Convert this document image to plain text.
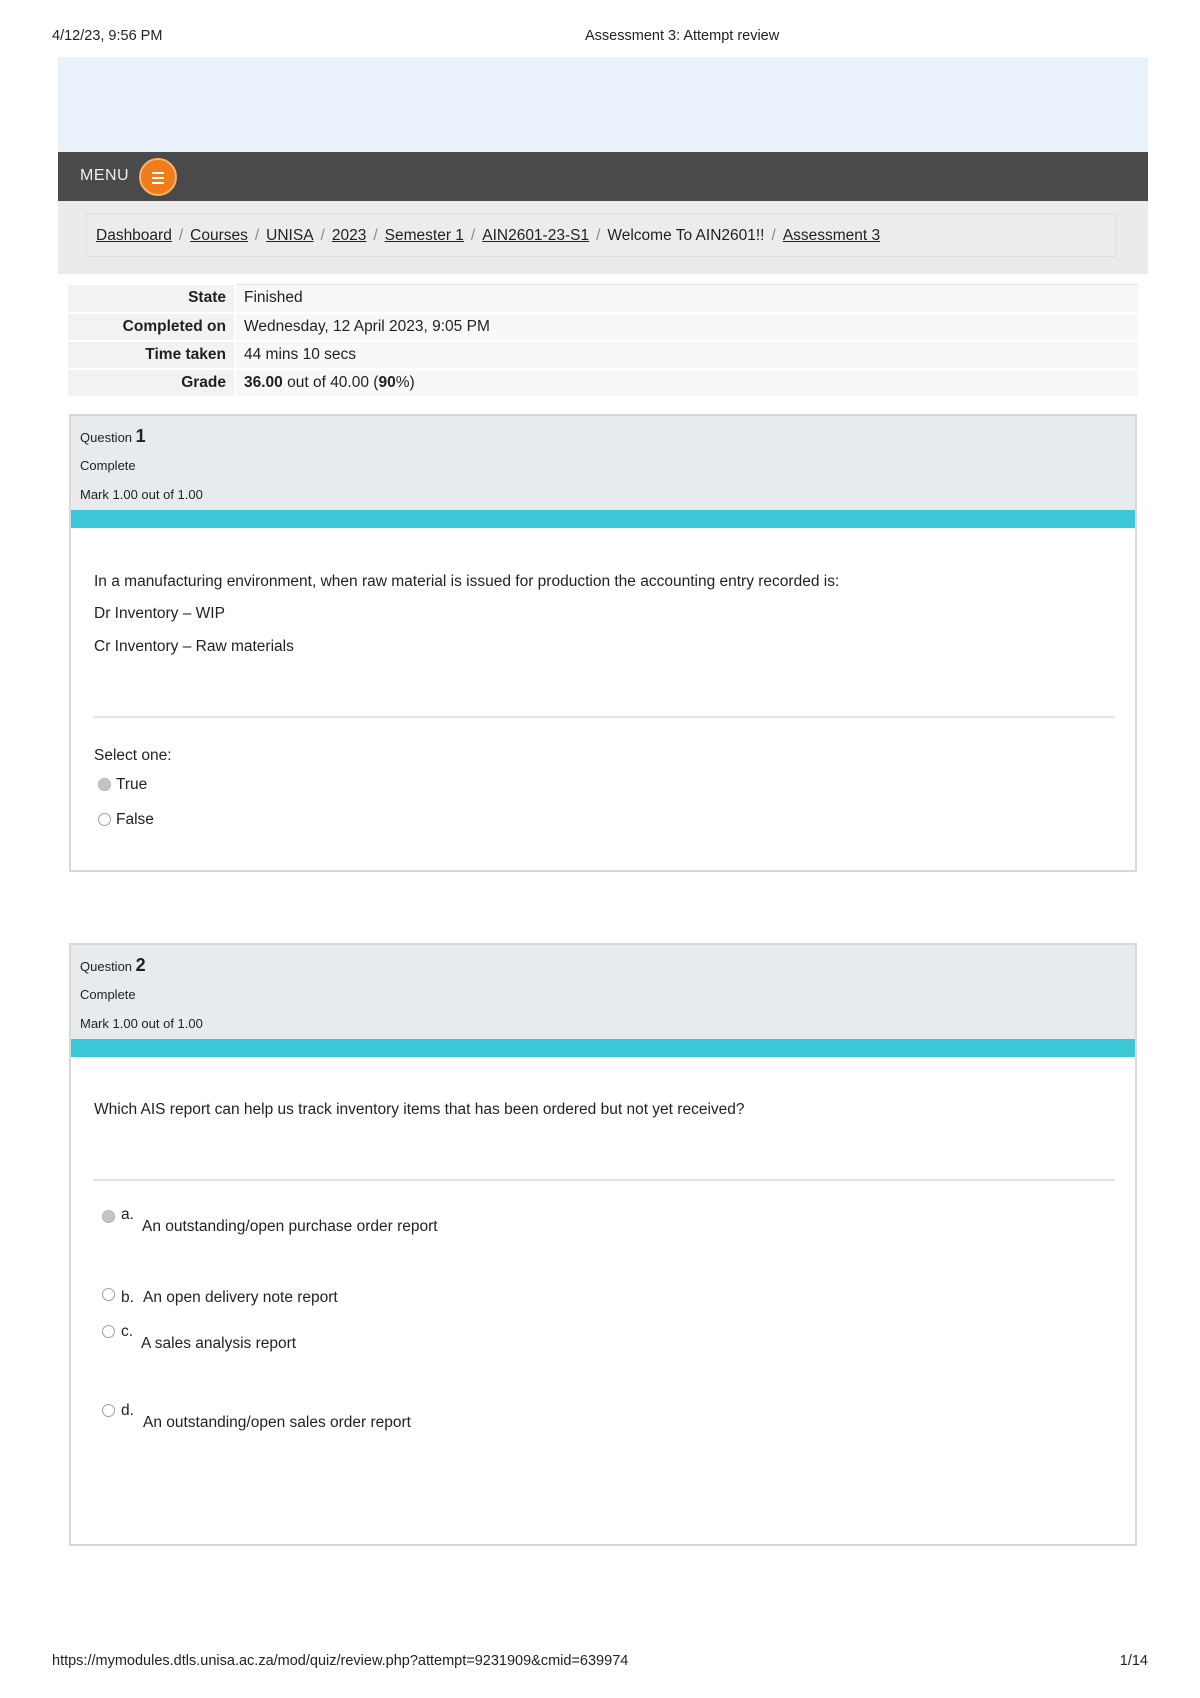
4/12/23, 9:56 PM	Assessment 3: Attempt review
MENU
Dashboard / Courses / UNISA / 2023 / Semester 1 / AIN2601-23-S1 / Welcome To AIN2601!! / Assessment 3
State	Finished
Completed on	Wednesday, 12 April 2023, 9:05 PM
Time taken	44 mins 10 secs
Grade	36.00 out of 40.00 (90%)
Question 1
Complete
Mark 1.00 out of 1.00
In a manufacturing environment, when raw material is issued for production the accounting entry recorded is:
Dr Inventory – WIP
Cr Inventory – Raw materials
Select one:
True
False
Question 2
Complete
Mark 1.00 out of 1.00
Which AIS report can help us track inventory items that has been ordered but not yet received?
a.
An outstanding/open purchase order report
b. An open delivery note report
c.
A sales analysis report
d.
An outstanding/open sales order report
https://mymodules.dtls.unisa.ac.za/mod/quiz/review.php?attempt=9231909&cmid=639974	1/14
